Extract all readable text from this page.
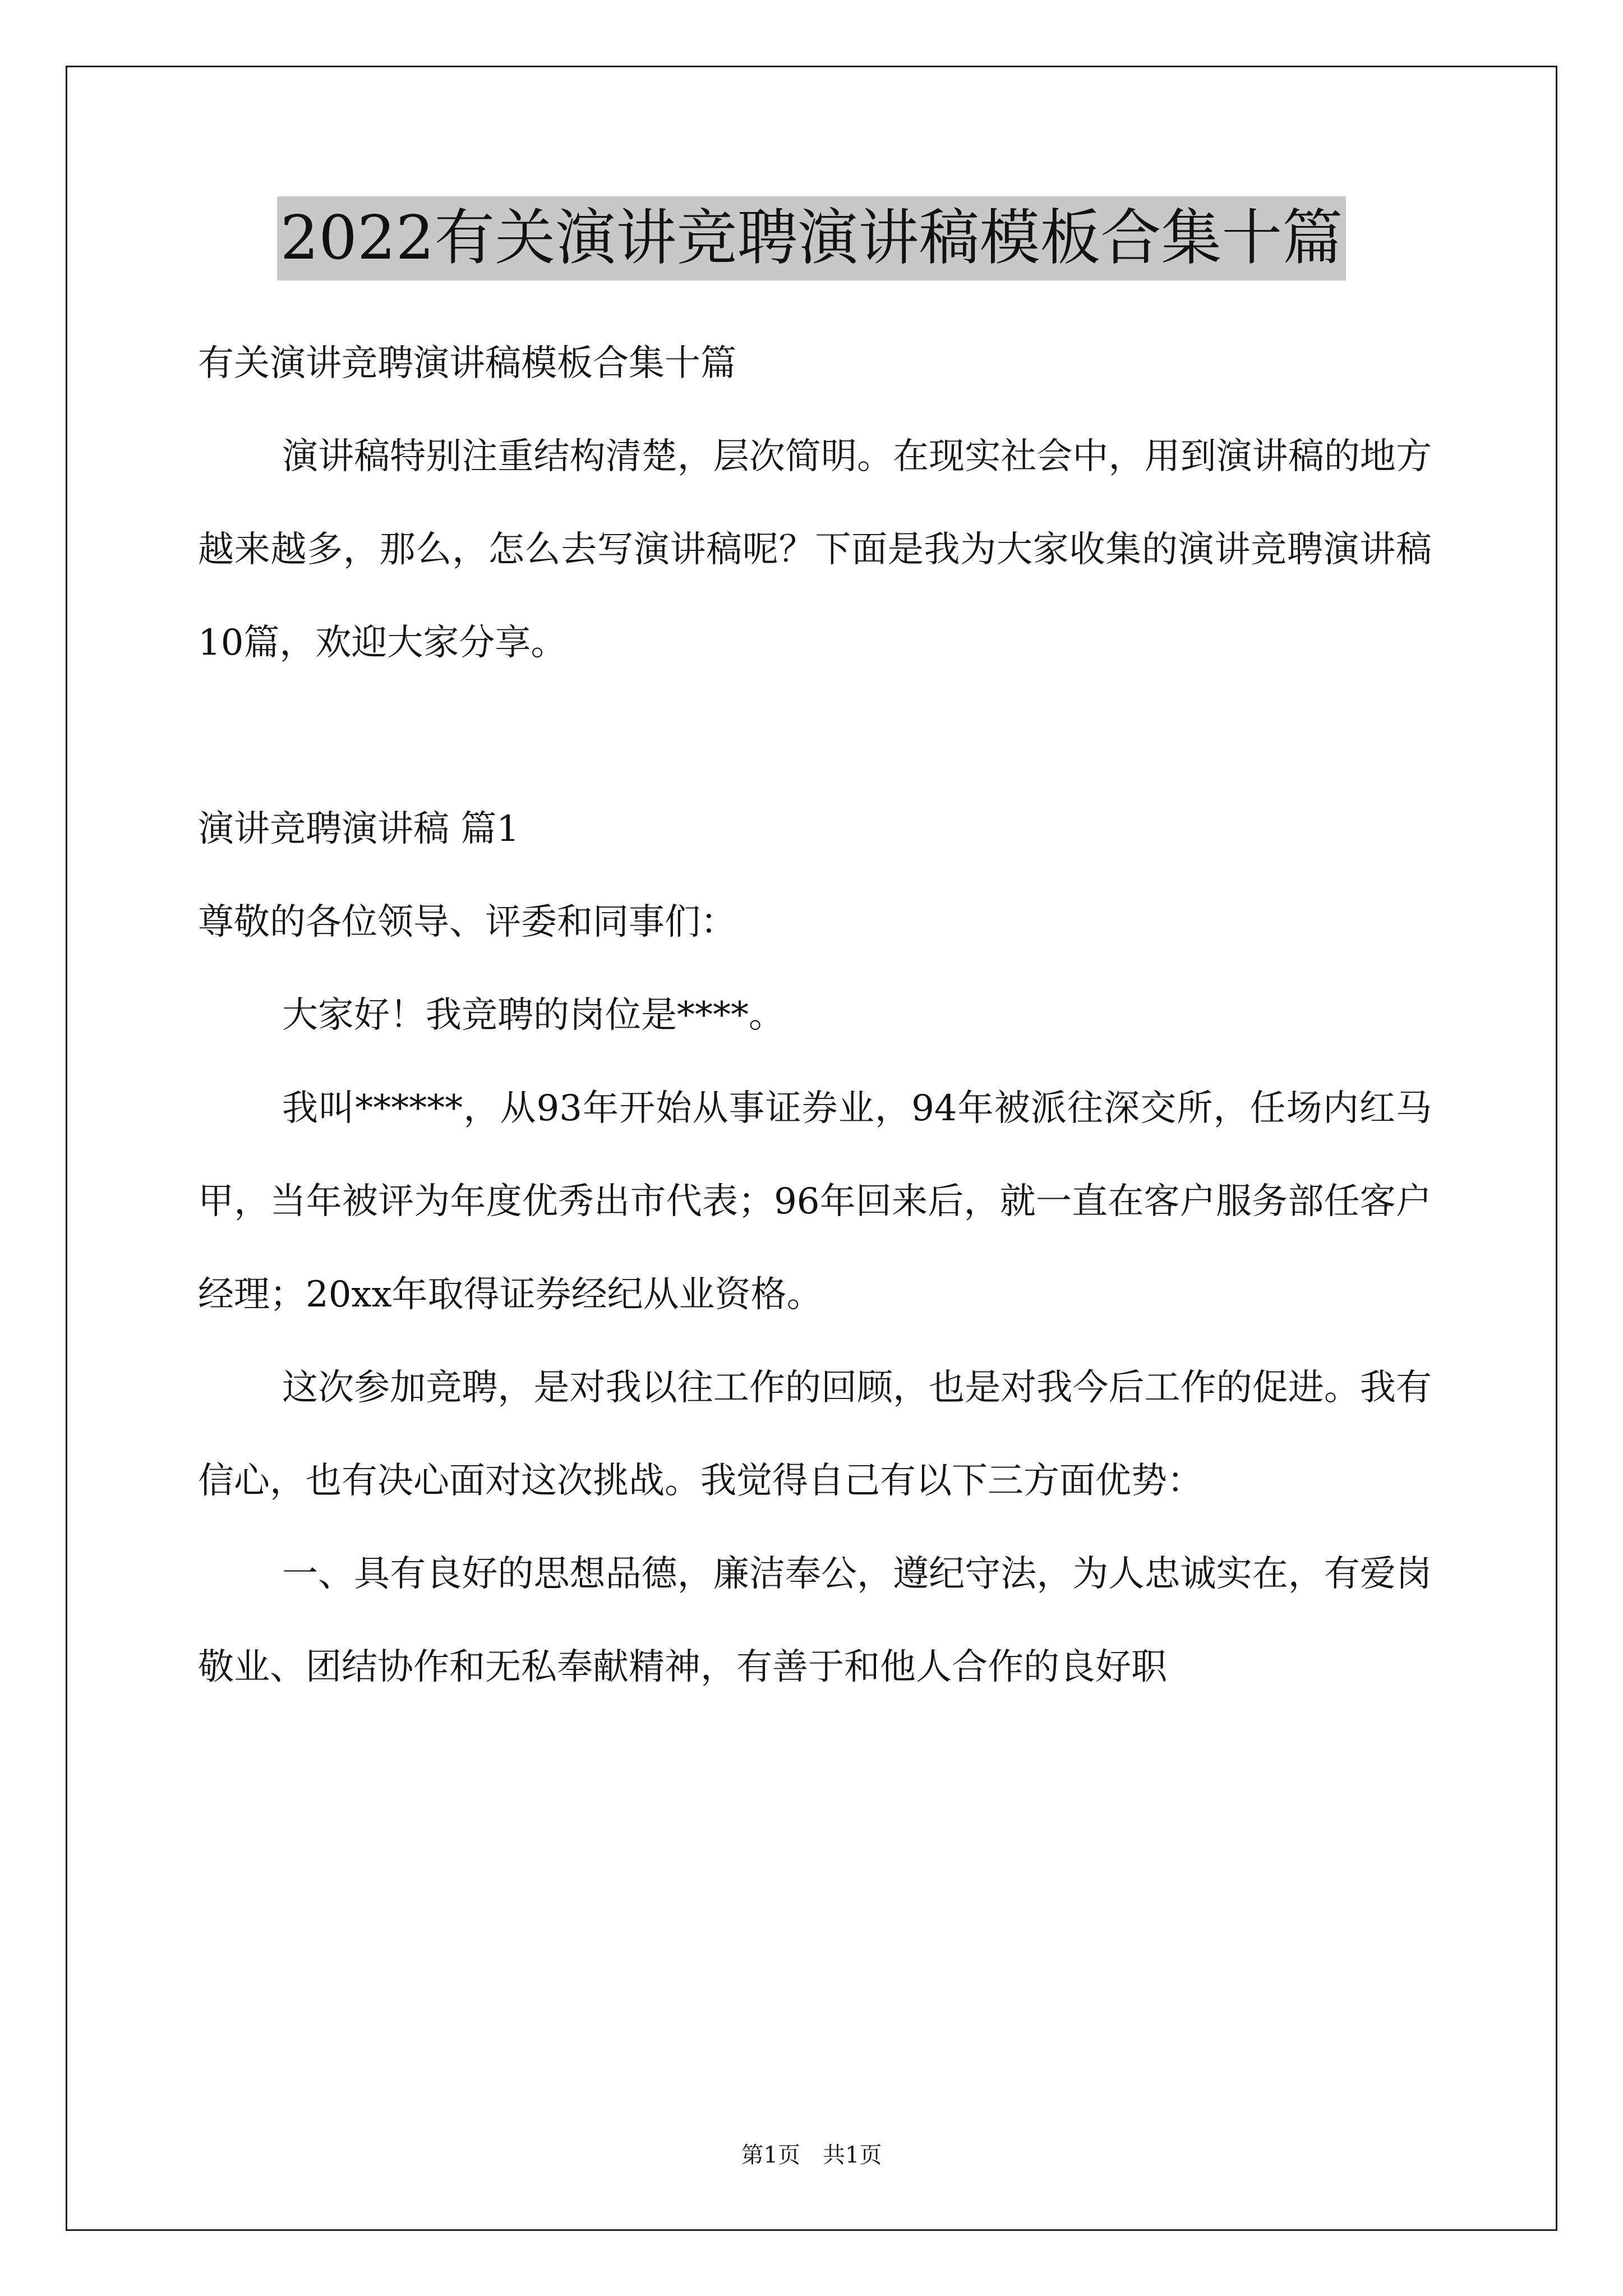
2022有关演讲竞聘演讲稿模板合集十篇

有关演讲竞聘演讲稿模板合集十篇

演讲稿特别注重结构清楚，层次简明。在现实社会中，用到演讲稿的地方越来越多，那么，怎么去写演讲稿呢？下面是我为大家收集的演讲竞聘演讲稿10篇，欢迎大家分享。

演讲竞聘演讲稿 篇1

尊敬的各位领导、评委和同事们：

大家好！我竞聘的岗位是****。

我叫******，从93年开始从事证券业，94年被派往深交所，任场内红马甲，当年被评为年度优秀出市代表；96年回来后，就一直在客户服务部任客户经理；20xx年取得证券经纪从业资格。

这次参加竞聘，是对我以往工作的回顾，也是对我今后工作的促进。我有信心，也有决心面对这次挑战。我觉得自己有以下三方面优势：

一、具有良好的思想品德，廉洁奉公，遵纪守法，为人忠诚实在，有爱岗敬业、团结协作和无私奉献精神，有善于和他人合作的良好职

第1页　共1页
